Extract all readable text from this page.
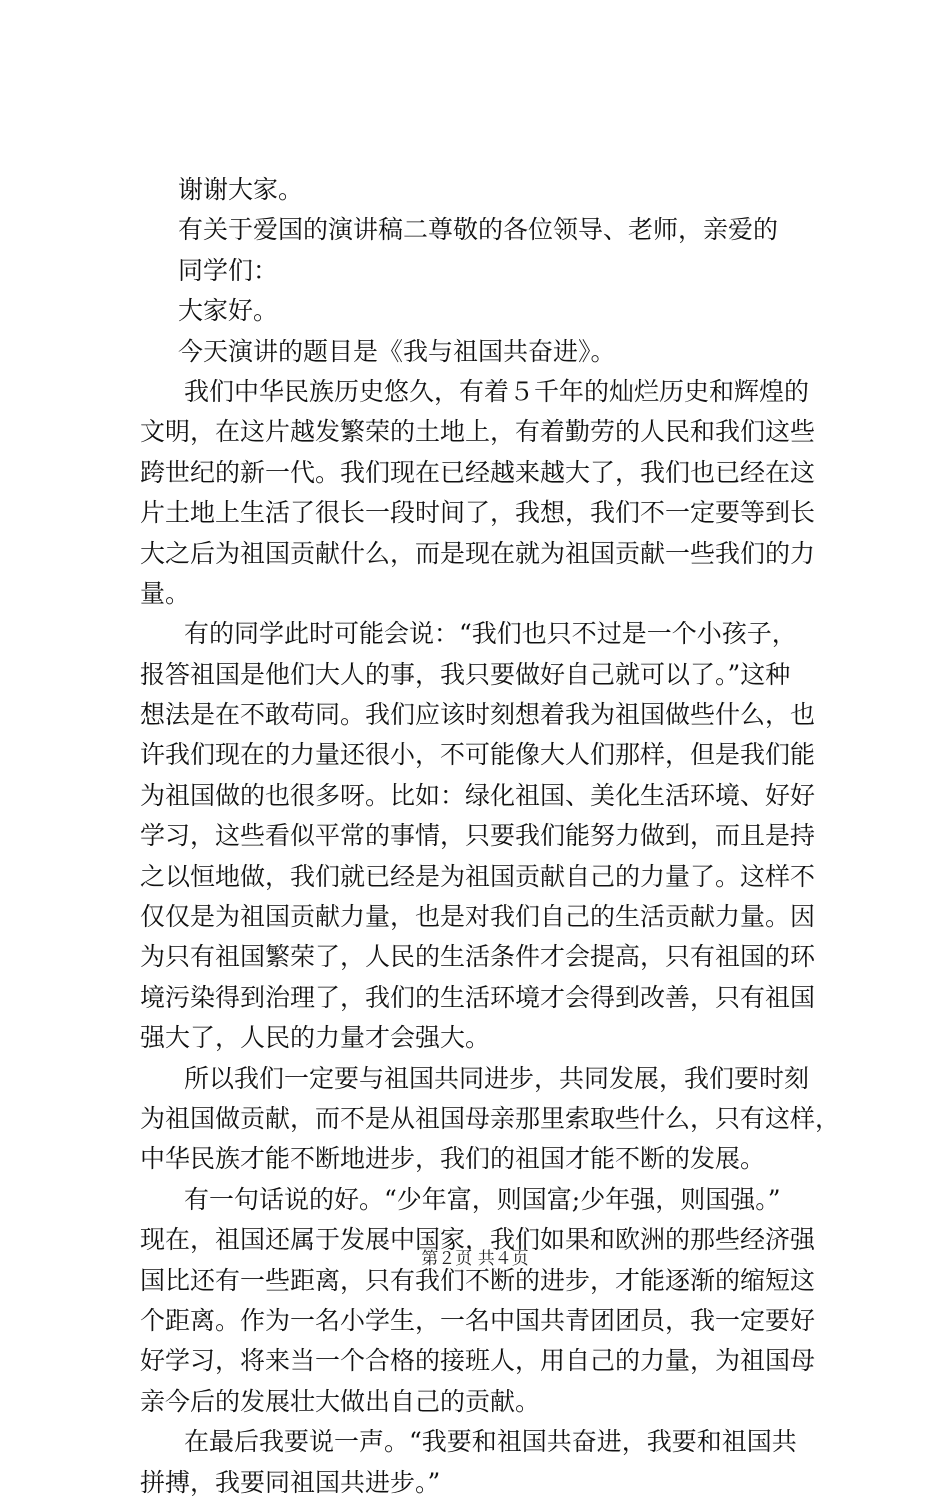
谢谢大家。
有关于爱国的演讲稿二尊敬的各位领导、老师，亲爱的
同学们：
大家好。
今天演讲的题目是《我与祖国共奋进》。
我们中华民族历史悠久，有着５千年的灿烂历史和辉煌的
文明，在这片越发繁荣的土地上，有着勤劳的人民和我们这些
跨世纪的新一代。我们现在已经越来越大了，我们也已经在这
片土地上生活了很长一段时间了，我想，我们不一定要等到长
大之后为祖国贡献什么，而是现在就为祖国贡献一些我们的力
量。
有的同学此时可能会说：“我们也只不过是一个小孩子，
报答祖国是他们大人的事，我只要做好自己就可以了。”这种
想法是在不敢苟同。我们应该时刻想着我为祖国做些什么，也
许我们现在的力量还很小，不可能像大人们那样，但是我们能
为祖国做的也很多呀。比如：绿化祖国、美化生活环境、好好
学习，这些看似平常的事情，只要我们能努力做到，而且是持
之以恒地做，我们就已经是为祖国贡献自己的力量了。这样不
仅仅是为祖国贡献力量，也是对我们自己的生活贡献力量。因
为只有祖国繁荣了，人民的生活条件才会提高，只有祖国的环
境污染得到治理了，我们的生活环境才会得到改善，只有祖国
强大了，人民的力量才会强大。
所以我们一定要与祖国共同进步，共同发展，我们要时刻
为祖国做贡献，而不是从祖国母亲那里索取些什么，只有这样，
中华民族才能不断地进步，我们的祖国才能不断的发展。
有一句话说的好。“少年富，则国富;少年强，则国强。”
现在，祖国还属于发展中国家，我们如果和欧洲的那些经济强
国比还有一些距离，只有我们不断的进步，才能逐渐的缩短这
个距离。作为一名小学生，一名中国共青团团员，我一定要好
好学习，将来当一个合格的接班人，用自己的力量，为祖国母
亲今后的发展壮大做出自己的贡献。
在最后我要说一声。“我要和祖国共奋进，我要和祖国共
拼搏，我要同祖国共进步。”
第２页 共４页
